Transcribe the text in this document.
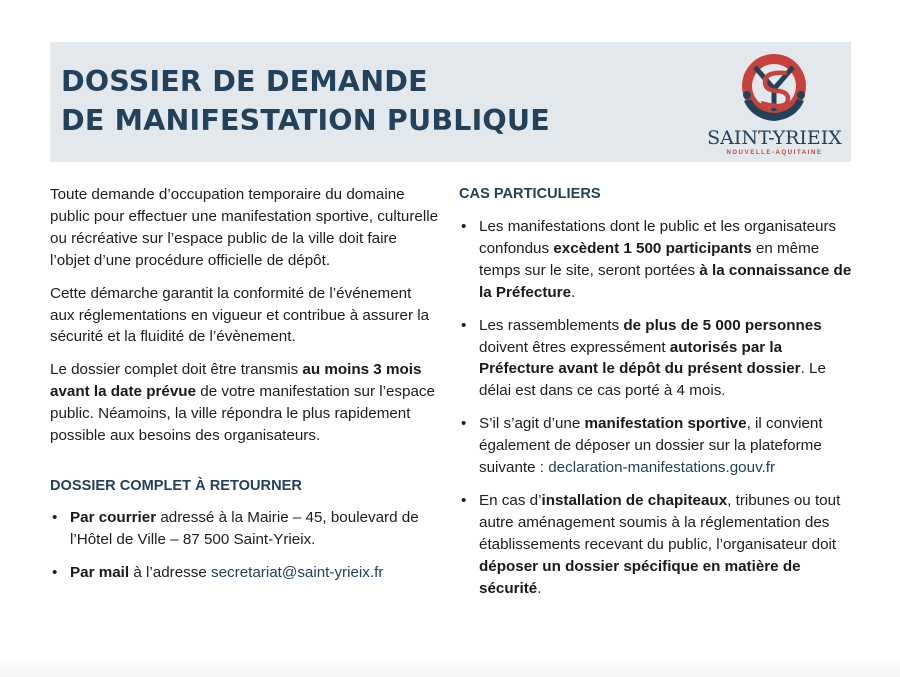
DOSSIER DE DEMANDE
DE MANIFESTATION PUBLIQUE
SAINT-YRIEIX
NOUVELLE-AQUITAINE

Toute demande d’occupation temporaire du domaine public pour effectuer une manifestation sportive, culturelle ou récréative sur l’espace public de la ville doit faire l’objet d’une procédure officielle de dépôt.

Cette démarche garantit la conformité de l’événement aux réglementations en vigueur et contribue à assurer la sécurité et la fluidité de l’évènement.

Le dossier complet doit être transmis au moins 3 mois avant la date prévue de votre manifestation sur l’espace public. Néamoins, la ville répondra le plus rapidement possible aux besoins des organisateurs.

DOSSIER COMPLET À RETOURNER
• Par courrier adressé à la Mairie – 45, boulevard de l’Hôtel de Ville – 87 500 Saint-Yrieix.
• Par mail à l’adresse secretariat@saint-yrieix.fr
CAS PARTICULIERS
• Les manifestations dont le public et les organisateurs confondus excèdent 1 500 participants en même temps sur le site, seront portées à la connaissance de la Préfecture.
• Les rassemblements de plus de 5 000 personnes doivent êtres expressément autorisés par la Préfecture avant le dépôt du présent dossier. Le délai est dans ce cas porté à 4 mois.
• S’il s’agit d’une manifestation sportive, il convient également de déposer un dossier sur la plateforme suivante : declaration-manifestations.gouv.fr
• En cas d’installation de chapiteaux, tribunes ou tout autre aménagement soumis à la réglementation des établissements recevant du public, l’organisateur doit déposer un dossier spécifique en matière de sécurité.
